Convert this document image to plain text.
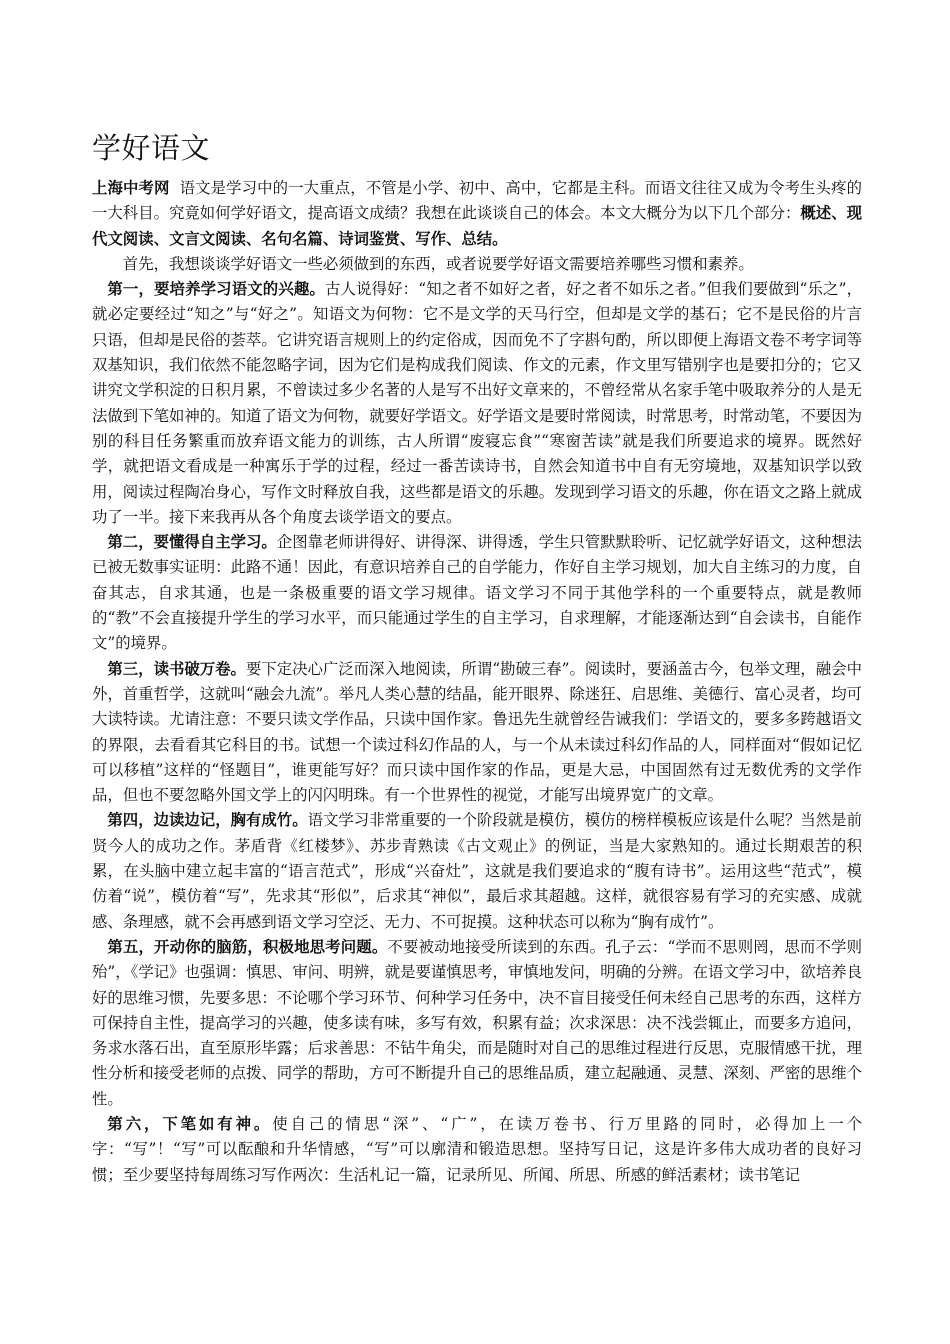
学好语文

上海中考网 语文是学习中的一大重点，不管是小学、初中、高中，它都是主科。而语文往往又成为令考生头疼的一大科目。究竟如何学好语文，提高语文成绩？我想在此谈谈自己的体会。本文大概分为以下几个部分：概述、现代文阅读、文言文阅读、名句名篇、诗词鉴赏、写作、总结。

首先，我想谈谈学好语文一些必须做到的东西，或者说要学好语文需要培养哪些习惯和素养。

第一，要培养学习语文的兴趣。古人说得好：“知之者不如好之者，好之者不如乐之者。”但我们要做到“乐之”，就必定要经过“知之”与“好之”。知语文为何物：它不是文学的天马行空，但却是文学的基石；它不是民俗的片言只语，但却是民俗的荟萃。它讲究语言规则上的约定俗成，因而免不了字斟句酌，所以即便上海语文卷不考字词等双基知识，我们依然不能忽略字词，因为它们是构成我们阅读、作文的元素，作文里写错别字也是要扣分的；它又讲究文学积淀的日积月累，不曾读过多少名著的人是写不出好文章来的，不曾经常从名家手笔中吸取养分的人是无法做到下笔如神的。知道了语文为何物，就要好学语文。好学语文是要时常阅读，时常思考，时常动笔，不要因为别的科目任务繁重而放弃语文能力的训练，古人所谓“废寝忘食”“寒窗苦读”就是我们所要追求的境界。既然好学，就把语文看成是一种寓乐于学的过程，经过一番苦读诗书，自然会知道书中自有无穷境地，双基知识学以致用，阅读过程陶冶身心，写作文时释放自我，这些都是语文的乐趣。发现到学习语文的乐趣，你在语文之路上就成功了一半。接下来我再从各个角度去谈学语文的要点。

第二，要懂得自主学习。企图靠老师讲得好、讲得深、讲得透，学生只管默默聆听、记忆就学好语文，这种想法已被无数事实证明：此路不通！因此，有意识培养自己的自学能力，作好自主学习规划，加大自主练习的力度，自奋其志，自求其通，也是一条极重要的语文学习规律。语文学习不同于其他学科的一个重要特点，就是教师的“教”不会直接提升学生的学习水平，而只能通过学生的自主学习，自求理解，才能逐渐达到“自会读书，自能作文”的境界。

第三，读书破万卷。要下定决心广泛而深入地阅读，所谓“勘破三春”。阅读时，要涵盖古今，包举文理，融会中外，首重哲学，这就叫“融会九流”。举凡人类心慧的结晶，能开眼界、除迷狂、启思维、美德行、富心灵者，均可大读特读。尤请注意：不要只读文学作品，只读中国作家。鲁迅先生就曾经告诫我们：学语文的，要多多跨越语文的界限，去看看其它科目的书。试想一个读过科幻作品的人，与一个从未读过科幻作品的人，同样面对“假如记忆可以移植”这样的“怪题目”，谁更能写好？而只读中国作家的作品，更是大忌，中国固然有过无数优秀的文学作品，但也不要忽略外国文学上的闪闪明珠。有一个世界性的视觉，才能写出境界宽广的文章。

第四，边读边记，胸有成竹。语文学习非常重要的一个阶段就是模仿，模仿的榜样模板应该是什么呢？当然是前贤今人的成功之作。茅盾背《红楼梦》、苏步青熟读《古文观止》的例证，当是大家熟知的。通过长期艰苦的积累，在头脑中建立起丰富的“语言范式”，形成“兴奋灶”，这就是我们要追求的“腹有诗书”。运用这些“范式”，模仿着“说”，模仿着“写”，先求其“形似”，后求其“神似”，最后求其超越。这样，就很容易有学习的充实感、成就感、条理感，就不会再感到语文学习空泛、无力、不可捉摸。这种状态可以称为“胸有成竹”。

第五，开动你的脑筋，积极地思考问题。不要被动地接受所读到的东西。孔子云：“学而不思则罔，思而不学则殆”，《学记》也强调：慎思、审问、明辨，就是要谨慎思考，审慎地发问，明确的分辨。在语文学习中，欲培养良好的思维习惯，先要多思：不论哪个学习环节、何种学习任务中，决不盲目接受任何未经自己思考的东西，这样方可保持自主性，提高学习的兴趣，使多读有味，多写有效，积累有益；次求深思：决不浅尝辄止，而要多方追问，务求水落石出，直至原形毕露；后求善思：不钻牛角尖，而是随时对自己的思维过程进行反思，克服情感干扰，理性分析和接受老师的点拨、同学的帮助，方可不断提升自己的思维品质，建立起融通、灵慧、深刻、严密的思维个性。

第六，下笔如有神。使自己的情思“深”、“广”，在读万卷书、行万里路的同时，必得加上一个字：“写”！“写”可以酝酿和升华情感，“写”可以廓清和锻造思想。坚持写日记，这是许多伟大成功者的良好习惯；至少要坚持每周练习写作两次：生活札记一篇，记录所见、所闻、所思、所感的鲜活素材；读书笔记
